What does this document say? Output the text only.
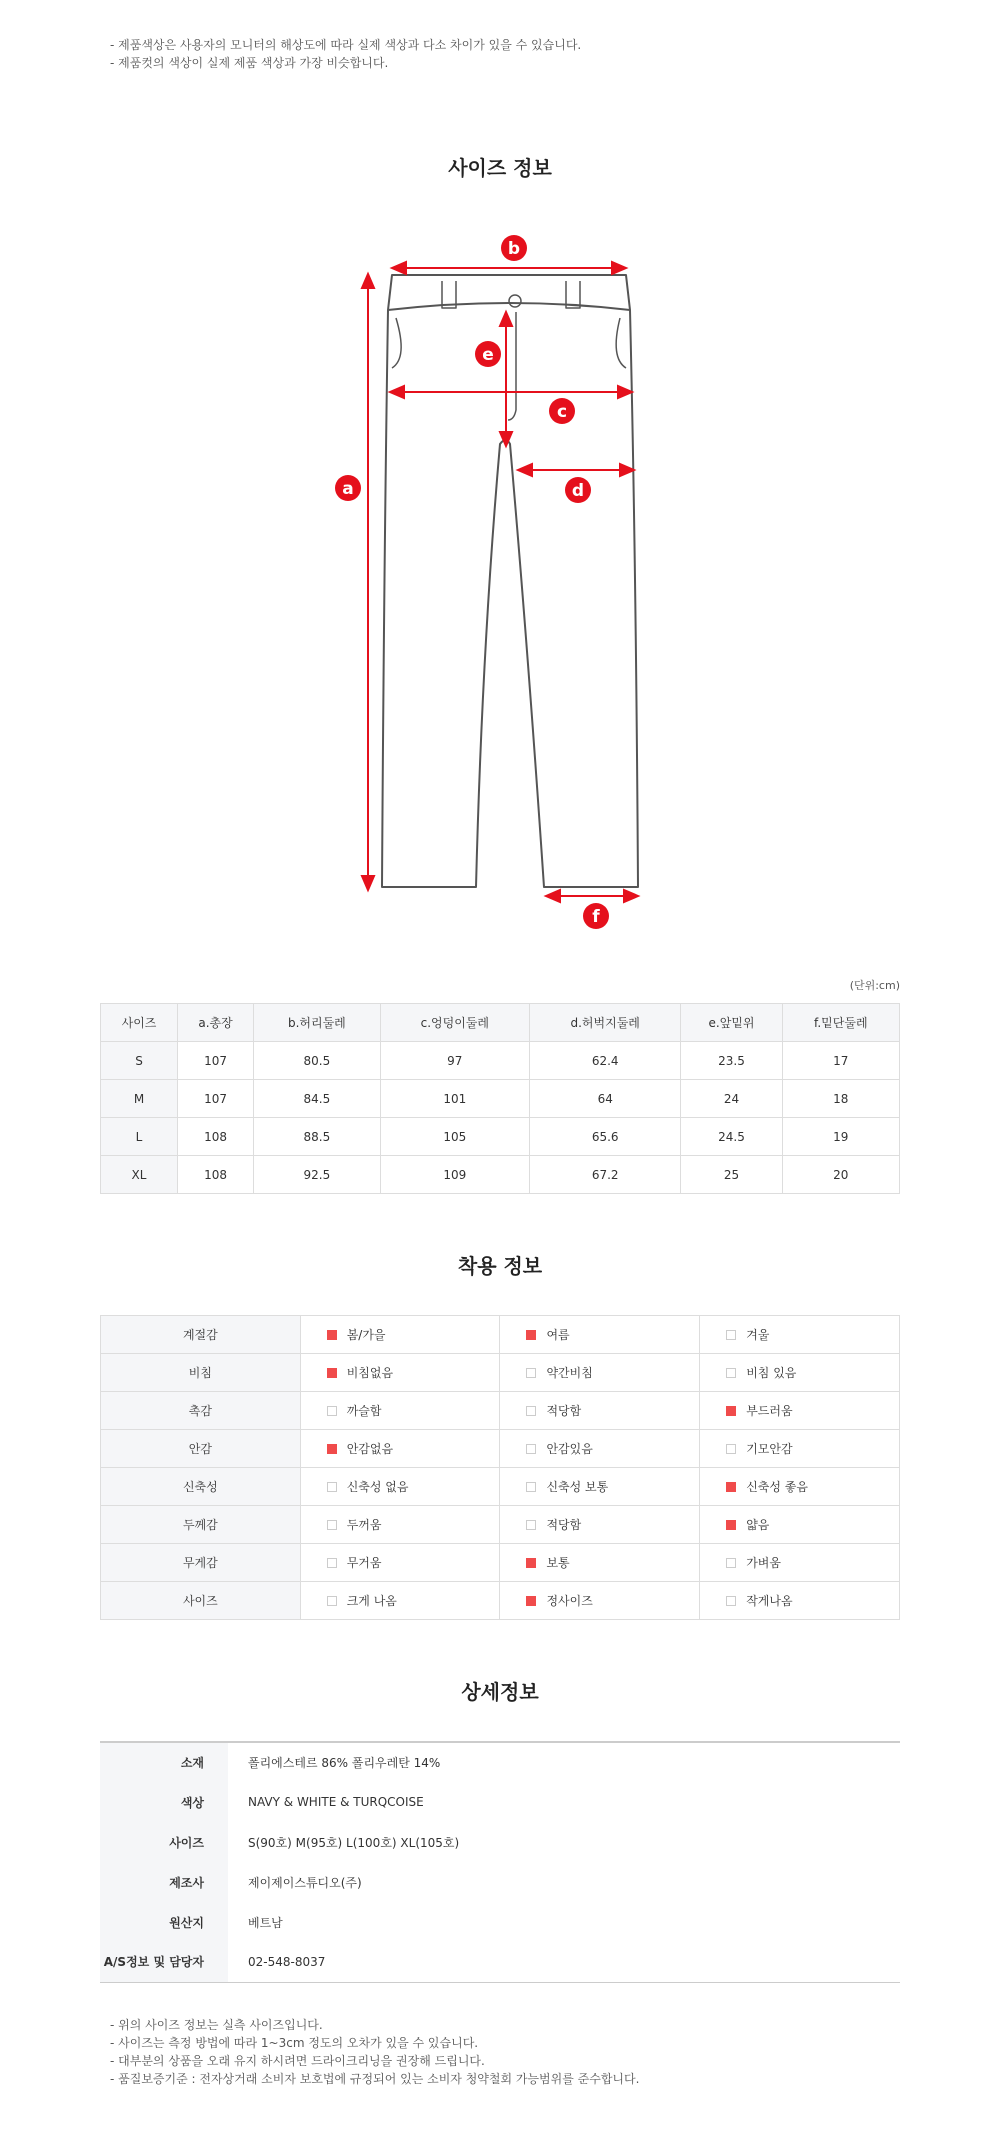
- 제품색상은 사용자의 모니터의 해상도에 따라 실제 색상과 다소 차이가 있을 수 있습니다.

- 제품컷의 색상이 실제 제품 색상과 가장 비슷합니다.

사이즈 정보
a
b
c
d
e
f
(단위:cm)
사이즈	a.총장	b.허리둘레	c.엉덩이둘레	d.허벅지둘레	e.앞밑위	f.밑단둘레
S	107	80.5	97	62.4	23.5	17
M	107	84.5	101	64	24	18
L	108	88.5	105	65.6	24.5	19
XL	108	92.5	109	67.2	25	20
착용 정보
계절감	봄/가을	여름	겨울
비침	비침없음	약간비침	비침 있음
촉감	까슬함	적당함	부드러움
안감	안감없음	안감있음	기모안감
신축성	신축성 없음	신축성 보통	신축성 좋음
두께감	두꺼움	적당함	얇음
무게감	무거움	보통	가벼움
사이즈	크게 나옴	정사이즈	작게나옴
상세정보
소재	폴리에스테르 86% 폴리우레탄 14%
색상	NAVY & WHITE & TURQCOISE
사이즈	S(90호) M(95호) L(100호) XL(105호)
제조사	제이제이스튜디오(주)
원산지	베트남
A/S정보 및 담당자	02-548-8037

- 위의 사이즈 정보는 실측 사이즈입니다.

- 사이즈는 측정 방법에 따라 1~3cm 정도의 오차가 있을 수 있습니다.

- 대부분의 상품을 오래 유지 하시려면 드라이크리닝을 권장해 드립니다.

- 품질보증기준 : 전자상거래 소비자 보호법에 규정되어 있는 소비자 청약철회 가능범위를 준수합니다.
